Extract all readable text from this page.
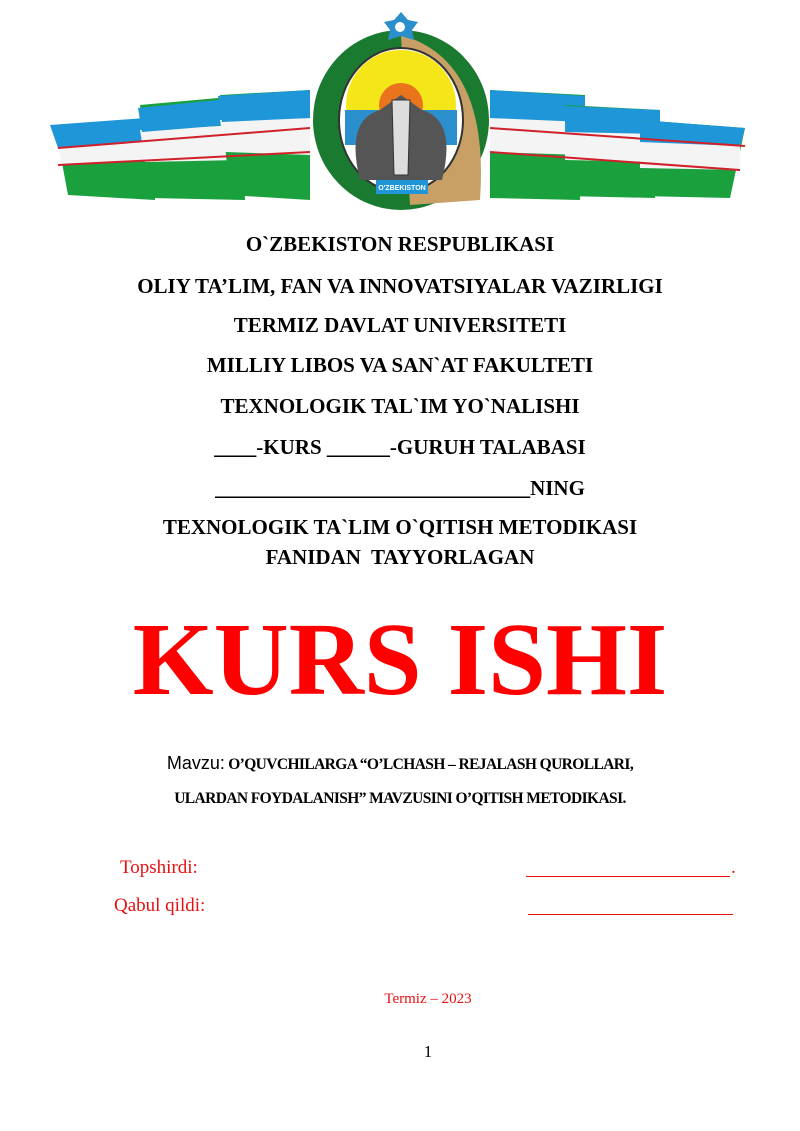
O'ZBEKISTON
O`ZBEKISTON RESPUBLIKASI
OLIY TA’LIM, FAN VA INNOVATSIYALAR VAZIRLIGI
TERMIZ DAVLAT UNIVERSITETI
MILLIY LIBOS VA SAN`AT FAKULTETI
TEXNOLOGIK TAL`IM YO`NALISHI
____-KURS ______-GURUH TALABASI
______________________________NING
TEXNOLOGIK TA`LIM O`QITISH METODIKASI
FANIDAN  TAYYORLAGAN
KURS ISHI
Mavzu: O’QUVCHILARGA “O’LCHASH – REJALASH QUROLLARI,
ULARDAN FOYDALANISH” MAVZUSINI O’QITISH METODIKASI.
Topshirdi:	.
Qabul qildi:
Termiz – 2023
1
